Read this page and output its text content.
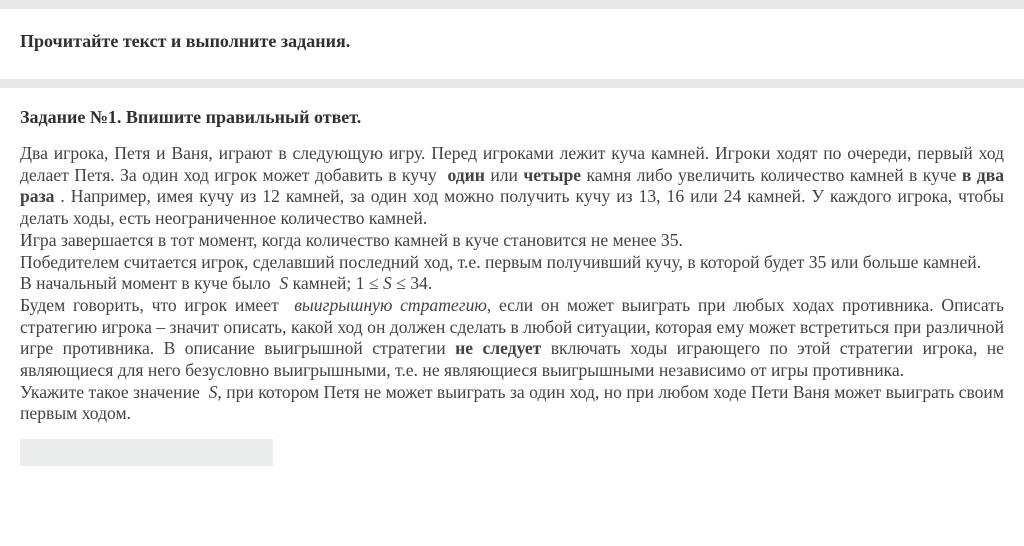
Прочитайте текст и выполните задания.
Задание №1. Впишите правильный ответ.

Два игрока, Петя и Ваня, играют в следующую игру. Перед игроками лежит куча камней. Игроки ходят по очереди, первый ход делает Петя. За один ход игрок может добавить в кучу  один или четыре камня либо увеличить количество камней в куче в два раза . Например, имея кучу из 12 камней, за один ход можно получить кучу из 13, 16 или 24 камней. У каждого игрока, чтобы делать ходы, есть неограниченное количество камней.

Игра завершается в тот момент, когда количество камней в куче становится не менее 35.

Победителем считается игрок, сделавший последний ход, т.е. первым получивший кучу, в которой будет 35 или больше камней.

В начальный момент в куче было  S камней; 1 ≤ S ≤ 34.

Будем говорить, что игрок имеет  выигрышную стратегию, если он может выиграть при любых ходах противника. Описать стратегию игрока – значит описать, какой ход он должен сделать в любой ситуации, которая ему может встретиться при различной игре противника. В описание выигрышной стратегии не следует включать ходы играющего по этой стратегии игрока, не являющиеся для него безусловно выигрышными, т.е. не являющиеся выигрышными независимо от игры противника.

Укажите такое значение  S, при котором Петя не может выиграть за один ход, но при любом ходе Пети Ваня может выиграть своим первым ходом.
